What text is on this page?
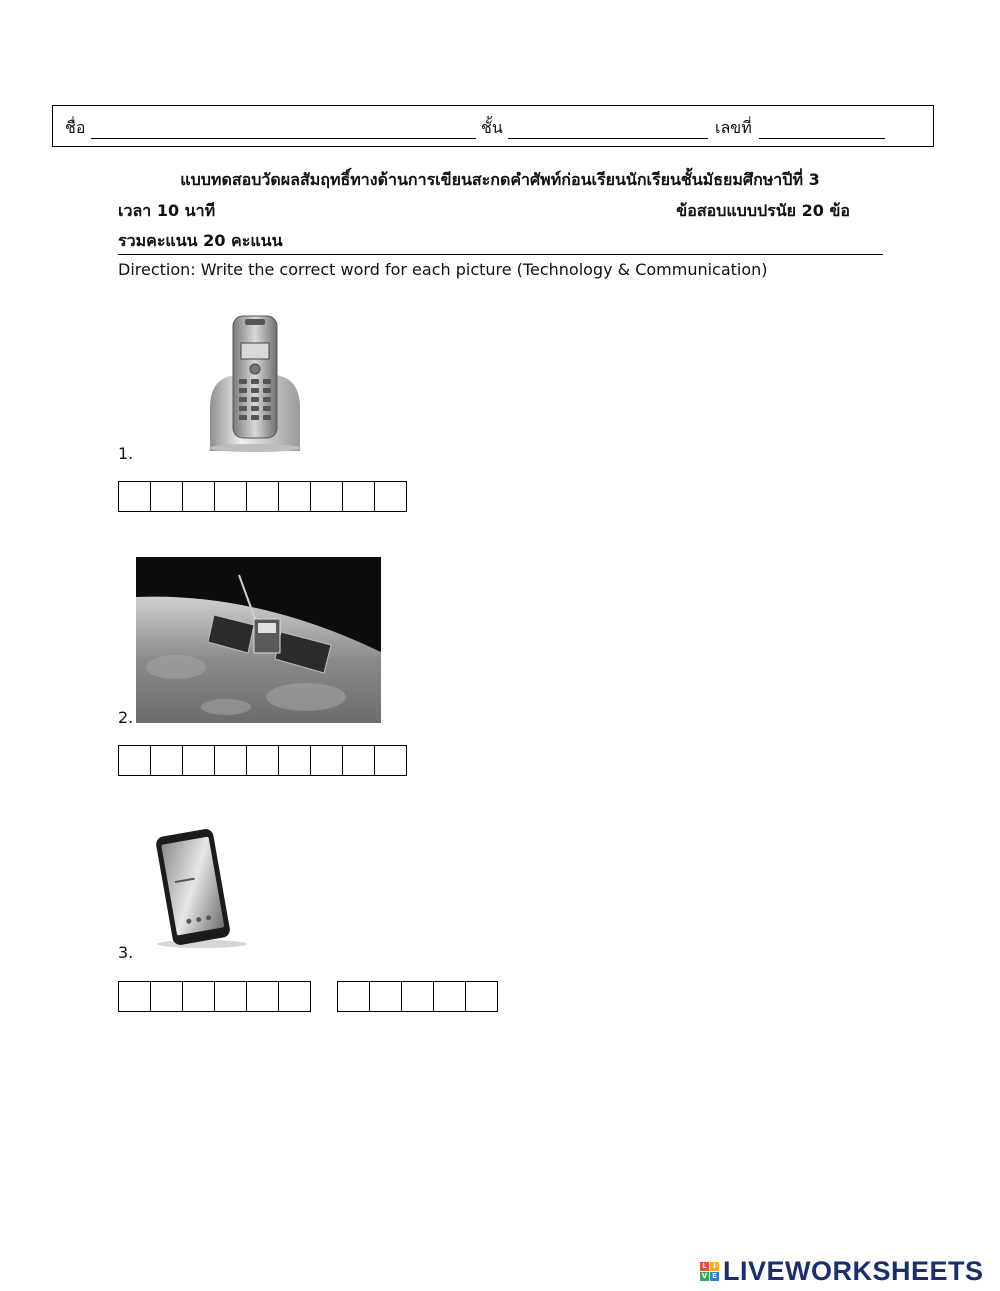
ชื่อ	ชั้น	เลขที่
แบบทดสอบวัดผลสัมฤทธิ์ทางด้านการเขียนสะกดคำศัพท์ก่อนเรียนนักเรียนชั้นมัธยมศึกษาปีที่ 3
เวลา 10 นาที	ข้อสอบแบบปรนัย 20 ข้อ
รวมคะแนน 20 คะแนน
Direction: Write the correct word for each picture (Technology & Communication)
1.
2.
3.
L I
V E LIVEWORKSHEETS
